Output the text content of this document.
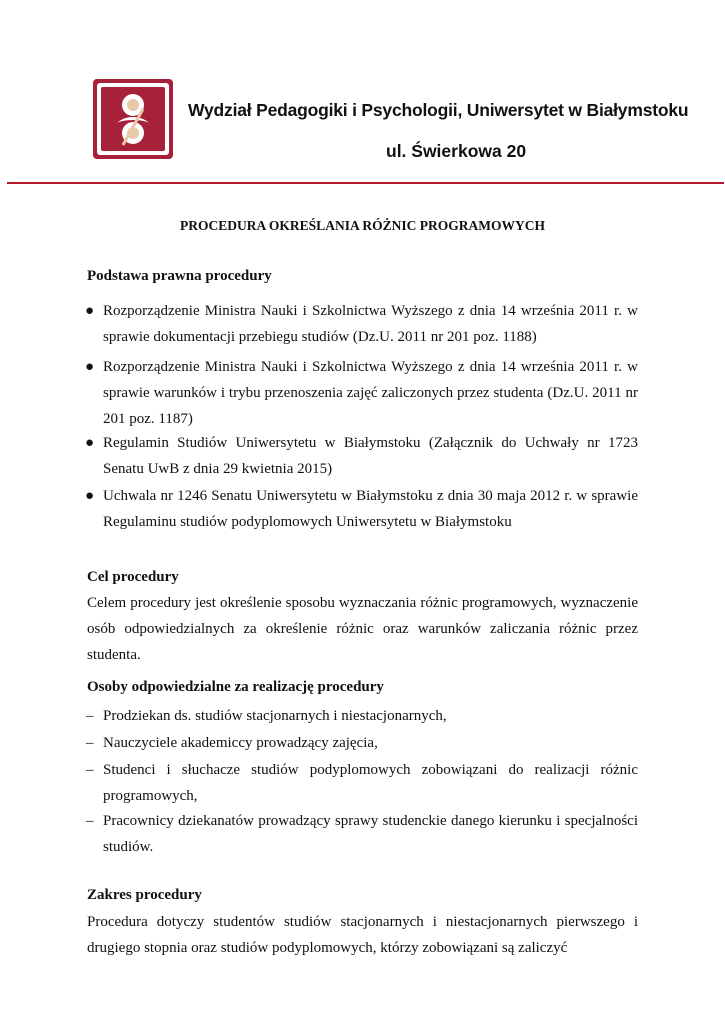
Wydział Pedagogiki i Psychologii, Uniwersytet w Białymstoku
ul. Świerkowa 20
PROCEDURA OKREŚLANIA RÓŻNIC PROGRAMOWYCH
Podstawa prawna procedury
● Rozporządzenie Ministra Nauki i Szkolnictwa Wyższego z dnia 14 września 2011 r. w sprawie dokumentacji przebiegu studiów (Dz.U. 2011 nr 201 poz. 1188)
● Rozporządzenie Ministra Nauki i Szkolnictwa Wyższego z dnia 14 września 2011 r. w sprawie warunków i trybu przenoszenia zajęć zaliczonych przez studenta (Dz.U. 2011 nr 201 poz. 1187)
● Regulamin Studiów Uniwersytetu w Białymstoku (Załącznik do Uchwały nr 1723 Senatu UwB z dnia 29 kwietnia 2015)
● Uchwala nr 1246 Senatu Uniwersytetu w Białymstoku z dnia 30 maja 2012 r. w sprawie Regulaminu studiów podyplomowych Uniwersytetu w Białymstoku
Cel procedury
Celem procedury jest określenie sposobu wyznaczania różnic programowych, wyznaczenie osób odpowiedzialnych za określenie różnic oraz warunków zaliczania różnic przez studenta.
Osoby odpowiedzialne za realizację procedury
– Prodziekan ds. studiów stacjonarnych i niestacjonarnych,
– Nauczyciele akademiccy prowadzący zajęcia,
– Studenci i słuchacze studiów podyplomowych zobowiązani do realizacji różnic programowych,
– Pracownicy dziekanatów prowadzący sprawy studenckie danego kierunku i specjalności studiów.
Zakres procedury
Procedura dotyczy studentów studiów stacjonarnych i niestacjonarnych pierwszego i drugiego stopnia oraz studiów podyplomowych, którzy zobowiązani są zaliczyć
